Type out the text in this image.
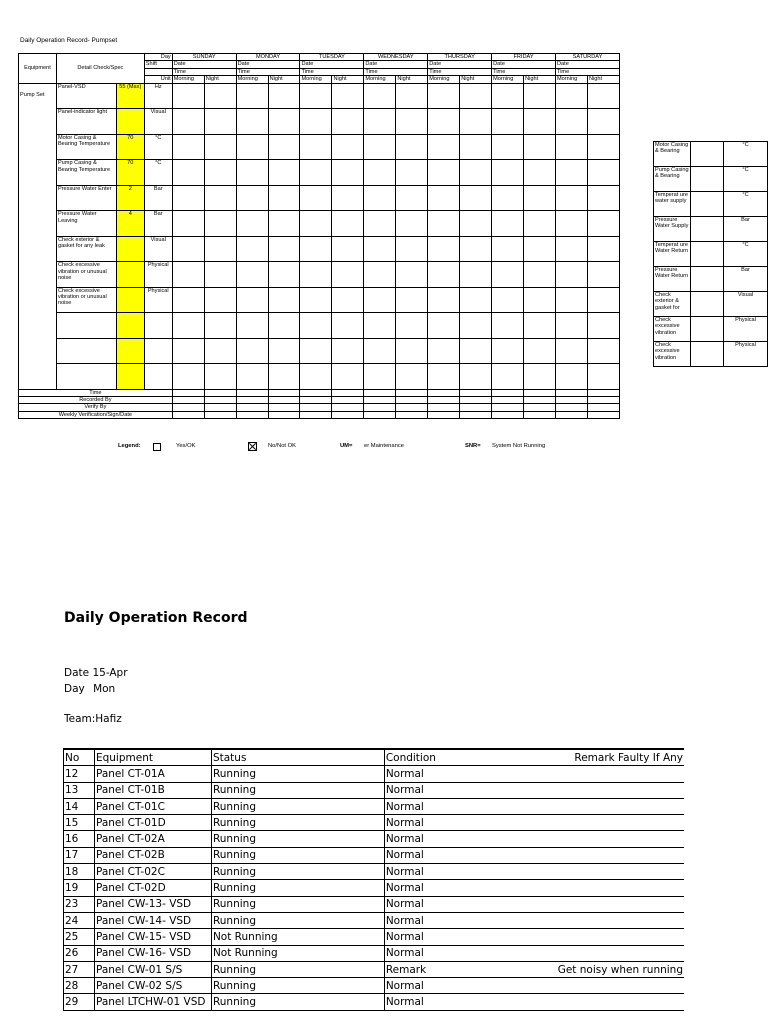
Daily Operation Record- Pumpset
Equipment	Detail Check/Spec		Day	SUNDAY		MONDAY		TUESDAY		WEDNESDAY		THURSDAY		FRIDAY		SATURDAY	
			Shift	Date		Date		Date		Date		Date		Date		Date	
				Time		Time		Time		Time		Time		Time		Time	
			Unit	Morning	Night	Morning	Night	Morning	Night	Morning	Night	Morning	Night	Morning	Night	Morning	Night
Pump Set	Panel-VSD	55 (Max)	Hz														
	Panel-indicator light		Visual														
	Motor Casing & Bearing Temperature	70	°C														
	Pump Casing & Bearing Temperature	70	°C														
	Pressure Water Enter	2	Bar														
	Pressure Water Leaving	4	Bar														
	Check exterior & gasket for any leak		Visual														
	Check excessive vibration or unusual noise		Physical														
	Check excessive vibration or unusual noise		Physical														

Time																	
Recorded By																	
Verify By																	
Weekly Verification/Sign/Date																	
Motor Casing & Bearing		°C
Pump Casing & Bearing		°C
Temperat ure water supply		°C
Pressure Water Supply		Bar
Temperat ure Water Return		°C
Pressure Water Return		Bar
Check exterior & gasket for		Visual
Check excessive vibration		Physical
Check excessive vibration		Physical
Legend:	Yes/OK	No/Not OK	UM= er Maintenance	SNR= System Not Running
Daily Operation Record
Date 15-Apr
Day Mon
Team:Hafiz
No	Equipment	Status	Condition	Remark Faulty If Any
12	Panel CT-01A	Running	Normal	
13	Panel CT-01B	Running	Normal	
14	Panel CT-01C	Running	Normal	
15	Panel CT-01D	Running	Normal	
16	Panel CT-02A	Running	Normal	
17	Panel CT-02B	Running	Normal	
18	Panel CT-02C	Running	Normal	
19	Panel CT-02D	Running	Normal	
23	Panel CW-13- VSD	Running	Normal	
24	Panel CW-14- VSD	Running	Normal	
25	Panel CW-15- VSD	Not Running	Normal	
26	Panel CW-16- VSD	Not Running	Normal	
27	Panel CW-01 S/S	Running	Remark	Get noisy when running
28	Panel CW-02 S/S	Running	Normal	
29	Panel LTCHW-01 VSD	Running	Normal	
